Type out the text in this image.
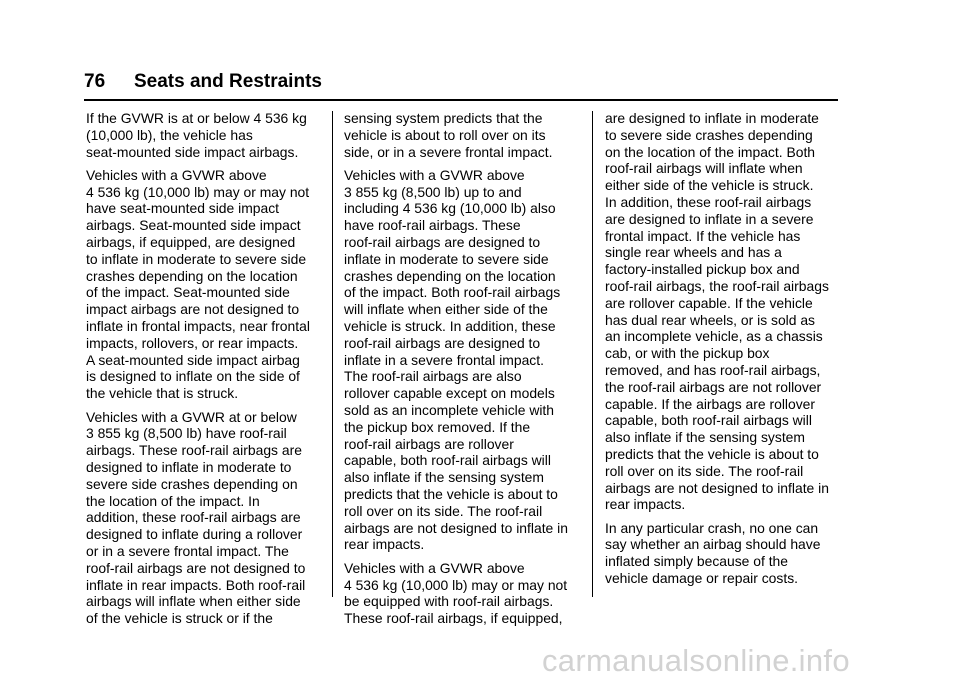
76 Seats and Restraints

If the GVWR is at or below 4 536 kg
(10,000 lb), the vehicle has
seat-mounted side impact airbags.

Vehicles with a GVWR above
4 536 kg (10,000 lb) may or may not
have seat-mounted side impact
airbags. Seat-mounted side impact
airbags, if equipped, are designed
to inflate in moderate to severe side
crashes depending on the location
of the impact. Seat-mounted side
impact airbags are not designed to
inflate in frontal impacts, near frontal
impacts, rollovers, or rear impacts.
A seat-mounted side impact airbag
is designed to inflate on the side of
the vehicle that is struck.

Vehicles with a GVWR at or below
3 855 kg (8,500 lb) have roof-rail
airbags. These roof-rail airbags are
designed to inflate in moderate to
severe side crashes depending on
the location of the impact. In
addition, these roof-rail airbags are
designed to inflate during a rollover
or in a severe frontal impact. The
roof-rail airbags are not designed to
inflate in rear impacts. Both roof-rail
airbags will inflate when either side
of the vehicle is struck or if the

sensing system predicts that the
vehicle is about to roll over on its
side, or in a severe frontal impact.

Vehicles with a GVWR above
3 855 kg (8,500 lb) up to and
including 4 536 kg (10,000 lb) also
have roof-rail airbags. These
roof-rail airbags are designed to
inflate in moderate to severe side
crashes depending on the location
of the impact. Both roof-rail airbags
will inflate when either side of the
vehicle is struck. In addition, these
roof-rail airbags are designed to
inflate in a severe frontal impact.
The roof-rail airbags are also
rollover capable except on models
sold as an incomplete vehicle with
the pickup box removed. If the
roof-rail airbags are rollover
capable, both roof-rail airbags will
also inflate if the sensing system
predicts that the vehicle is about to
roll over on its side. The roof-rail
airbags are not designed to inflate in
rear impacts.

Vehicles with a GVWR above
4 536 kg (10,000 lb) may or may not
be equipped with roof-rail airbags.
These roof-rail airbags, if equipped,

are designed to inflate in moderate
to severe side crashes depending
on the location of the impact. Both
roof-rail airbags will inflate when
either side of the vehicle is struck.
In addition, these roof-rail airbags
are designed to inflate in a severe
frontal impact. If the vehicle has
single rear wheels and has a
factory-installed pickup box and
roof-rail airbags, the roof-rail airbags
are rollover capable. If the vehicle
has dual rear wheels, or is sold as
an incomplete vehicle, as a chassis
cab, or with the pickup box
removed, and has roof-rail airbags,
the roof-rail airbags are not rollover
capable. If the airbags are rollover
capable, both roof-rail airbags will
also inflate if the sensing system
predicts that the vehicle is about to
roll over on its side. The roof-rail
airbags are not designed to inflate in
rear impacts.

In any particular crash, no one can
say whether an airbag should have
inflated simply because of the
vehicle damage or repair costs.

carmanualsonline.info
